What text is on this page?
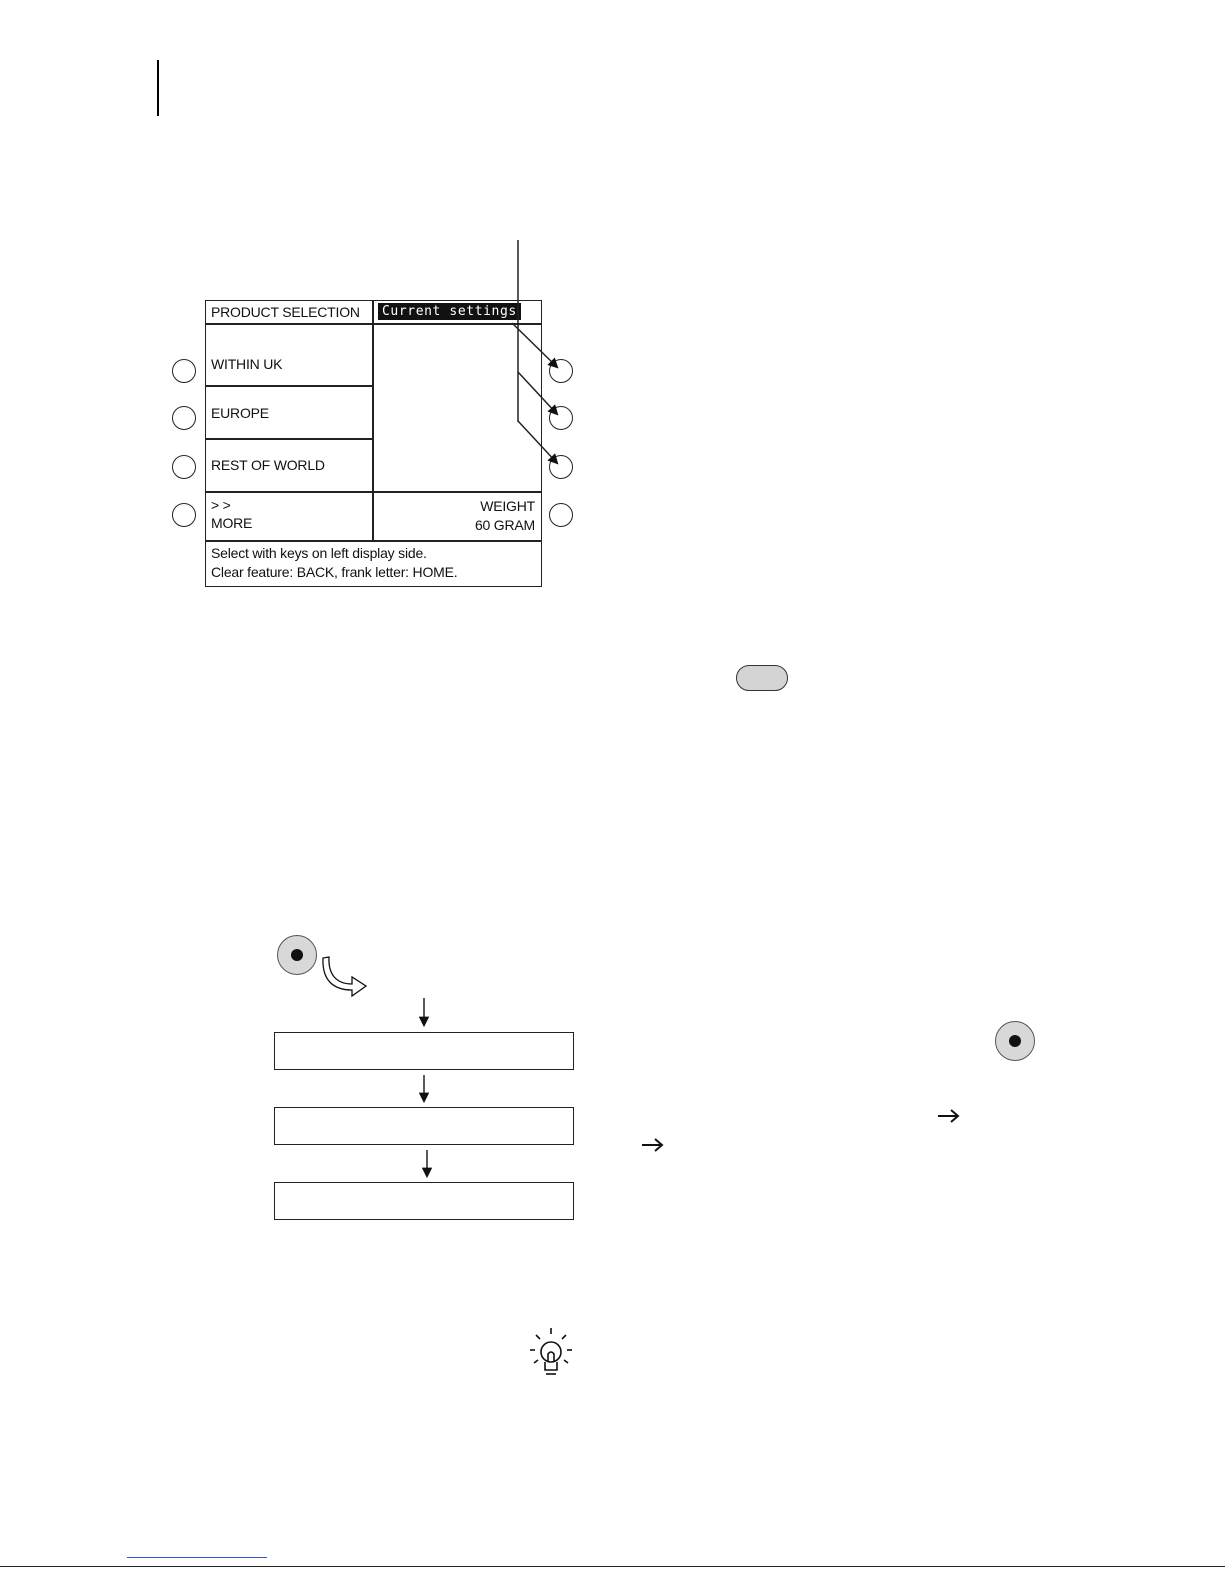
PRODUCT SELECTION	Current settings
WITHIN UK
EUROPE
REST OF WORLD
> >
MORE
WEIGHT
60 GRAM
Select with keys on left display side.
Clear feature: BACK, frank letter: HOME.
